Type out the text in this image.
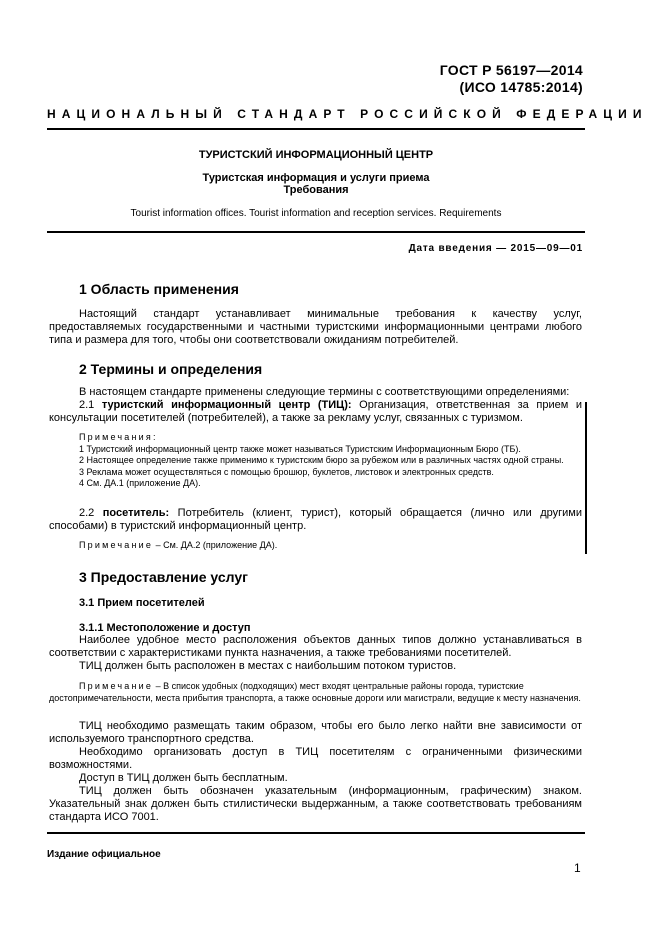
ГОСТ Р 56197—2014
(ИСО 14785:2014)
НАЦИОНАЛЬНЫЙ СТАНДАРТ РОССИЙСКОЙ ФЕДЕРАЦИИ
ТУРИСТСКИЙ ИНФОРМАЦИОННЫЙ ЦЕНТР
Туристская информация и услуги приема
Требования
Tourist information offices. Tourist information and reception services. Requirements
Дата введения — 2015—09—01
1 Область применения

Настоящий стандарт устанавливает минимальные требования к качеству услуг, предоставляемых государственными и частными туристскими информационными центрами любого типа и размера для того, чтобы они соответствовали ожиданиям потребителей.

2 Термины и определения

В настоящем стандарте применены следующие термины с соответствующими определениями:

2.1 туристский информационный центр (ТИЦ): Организация, ответственная за прием и консультации посетителей (потребителей), а также за рекламу услуг, связанных с туризмом.

Примечания:

1 Туристский информационный центр также может называться Туристским Информационным Бюро (ТБ).

2 Настоящее определение также применимо к туристским бюро за рубежом или в различных частях одной страны.

3 Реклама может осуществляться с помощью брошюр, буклетов, листовок и электронных средств.

4 См. ДА.1 (приложение ДА).

2.2 посетитель: Потребитель (клиент, турист), который обращается (лично или другими способами) в туристский информационный центр.

Примечание – См. ДА.2 (приложение ДА).

3 Предоставление услуг
3.1 Прием посетителей
3.1.1 Местоположение и доступ

Наиболее удобное место расположения объектов данных типов должно устанавливаться в соответствии с характеристиками пункта назначения, а также требованиями посетителей.

ТИЦ должен быть расположен в местах с наибольшим потоком туристов.

Примечание – В список удобных (подходящих) мест входят центральные районы города, туристские достопримечательности, места прибытия транспорта, а также основные дороги или магистрали, ведущие к месту назначения.

ТИЦ необходимо размещать таким образом, чтобы его было легко найти вне зависимости от используемого транспортного средства.

Необходимо организовать доступ в ТИЦ посетителям с ограниченными физическими возможностями.

Доступ в ТИЦ должен быть бесплатным.

ТИЦ должен быть обозначен указательным (информационным, графическим) знаком. Указательный знак должен быть стилистически выдержанным, а также соответствовать требованиям стандарта ИСО 7001.

Издание официальное
1
